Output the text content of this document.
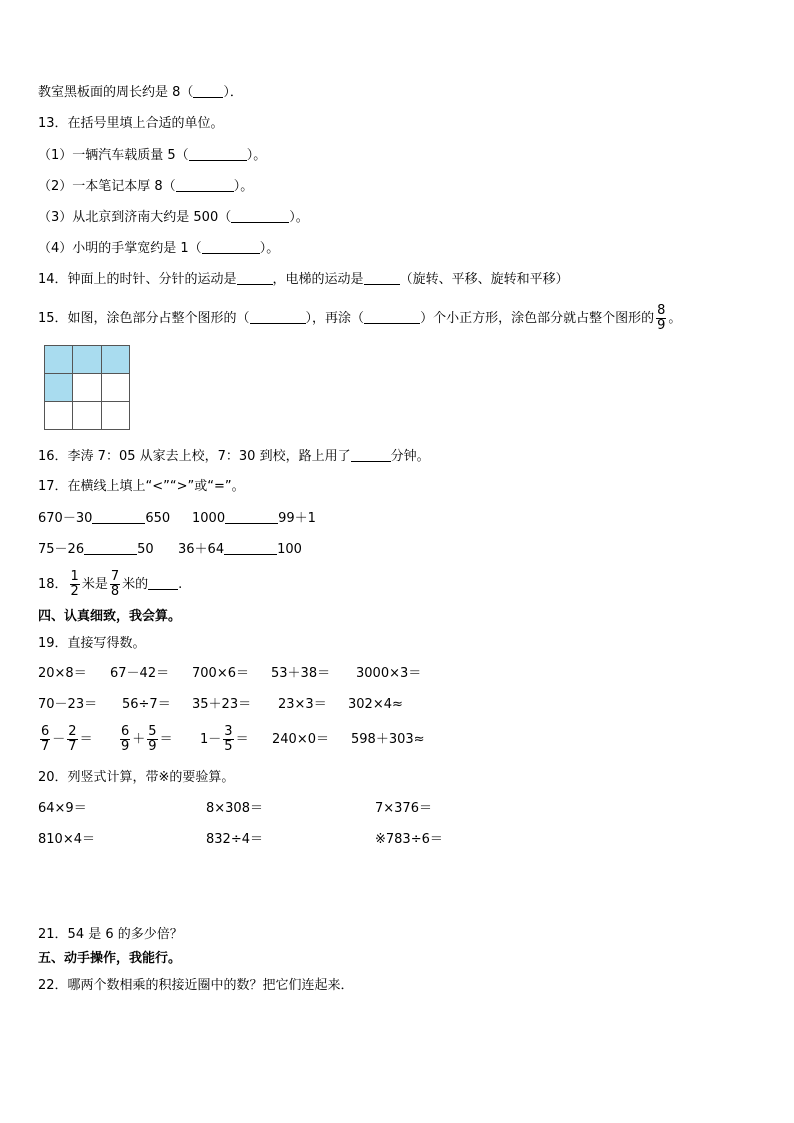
教室黑板面的周长约是 8（ ）．
13．在括号里填上合适的单位。
（1）一辆汽车载质量 5（	）。
（2）一本笔记本厚 8（	）。
（3）从北京到济南大约是 500（	）。
（4）小明的手掌宽约是 1（	）。
14．钟面上的时针、分针的运动是	，电梯的运动是	（旋转、平移、旋转和平移）
15．如图，涂色部分占整个图形的（	），再涂（	）个小正方形，涂色部分就占整个图形的 $\frac{8}{9}$ 。

16．李涛 7：05 从家去上校，7：30 到校，路上用了	分钟。
17．在横线上填上“<”“>”或“=”。
670－30	650 1000	99＋1
75－26	50 36＋64	100
18． $\frac{1}{2}$ 米是 $\frac{7}{8}$ 米的 .
四、认真细致，我会算。
19．直接写得数。
20×8＝ 67－42＝ 700×6＝ 53＋38＝ 3000×3＝
70－23＝ 56÷7＝ 35＋23＝ 23×3＝ 302×4≈
$\frac{6}{7} - \frac{2}{7} = \frac{6}{9} + \frac{5}{9} = 1- \frac{3}{5} = 240\times 0= 598+303\approx$
20．列竖式计算，带※的要验算。
64×9＝	8×308＝	7×376＝
810×4＝	832÷4＝	※783÷6＝
21．54 是 6 的多少倍？
五、动手操作，我能行。
22．哪两个数相乘的积接近圈中的数？把它们连起来．
